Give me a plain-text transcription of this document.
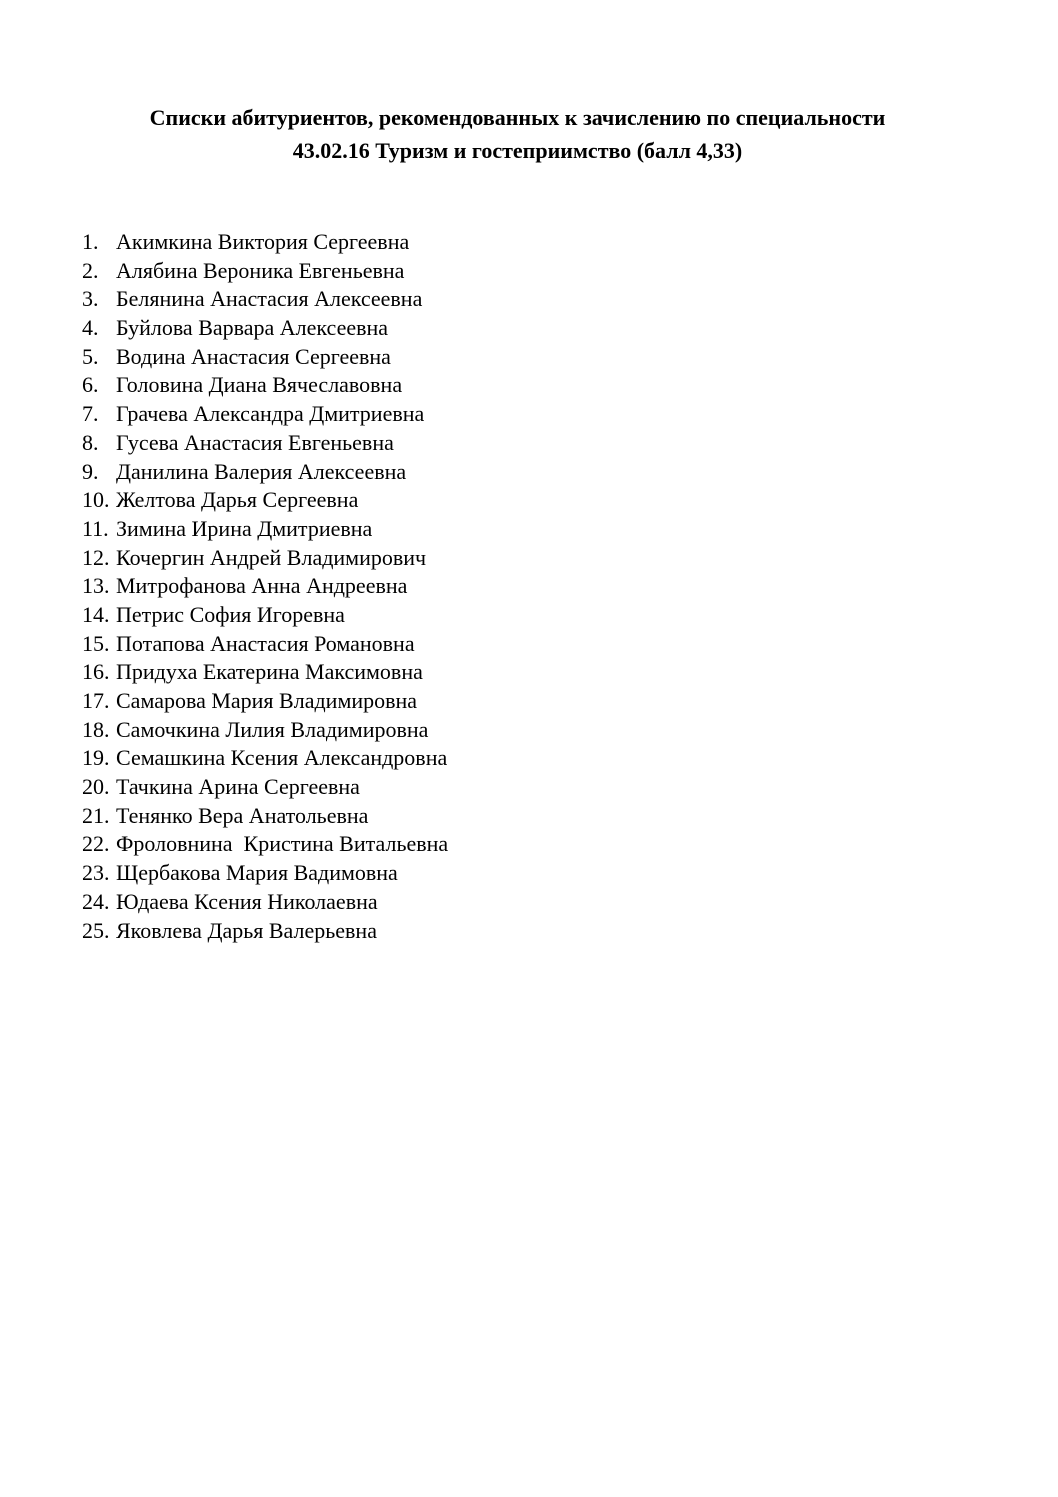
Списки абитуриентов, рекомендованных к зачислению по специальности
43.02.16 Туризм и гостеприимство (балл 4,33)
1. Акимкина Виктория Сергеевна
2. Алябина Вероника Евгеньевна
3. Белянина Анастасия Алексеевна
4. Буйлова Варвара Алексеевна
5. Водина Анастасия Сергеевна
6. Головина Диана Вячеславовна
7. Грачева Александра Дмитриевна
8. Гусева Анастасия Евгеньевна
9. Данилина Валерия Алексеевна
10. Желтова Дарья Сергеевна
11. Зимина Ирина Дмитриевна
12. Кочергин Андрей Владимирович
13. Митрофанова Анна Андреевна
14. Петрис София Игоревна
15. Потапова Анастасия Романовна
16. Придуха Екатерина Максимовна
17. Самарова Мария Владимировна
18. Самочкина Лилия Владимировна
19. Семашкина Ксения Александровна
20. Тачкина Арина Сергеевна
21. Тенянко Вера Анатольевна
22. Фроловнина  Кристина Витальевна
23. Щербакова Мария Вадимовна
24. Юдаева Ксения Николаевна
25. Яковлева Дарья Валерьевна
